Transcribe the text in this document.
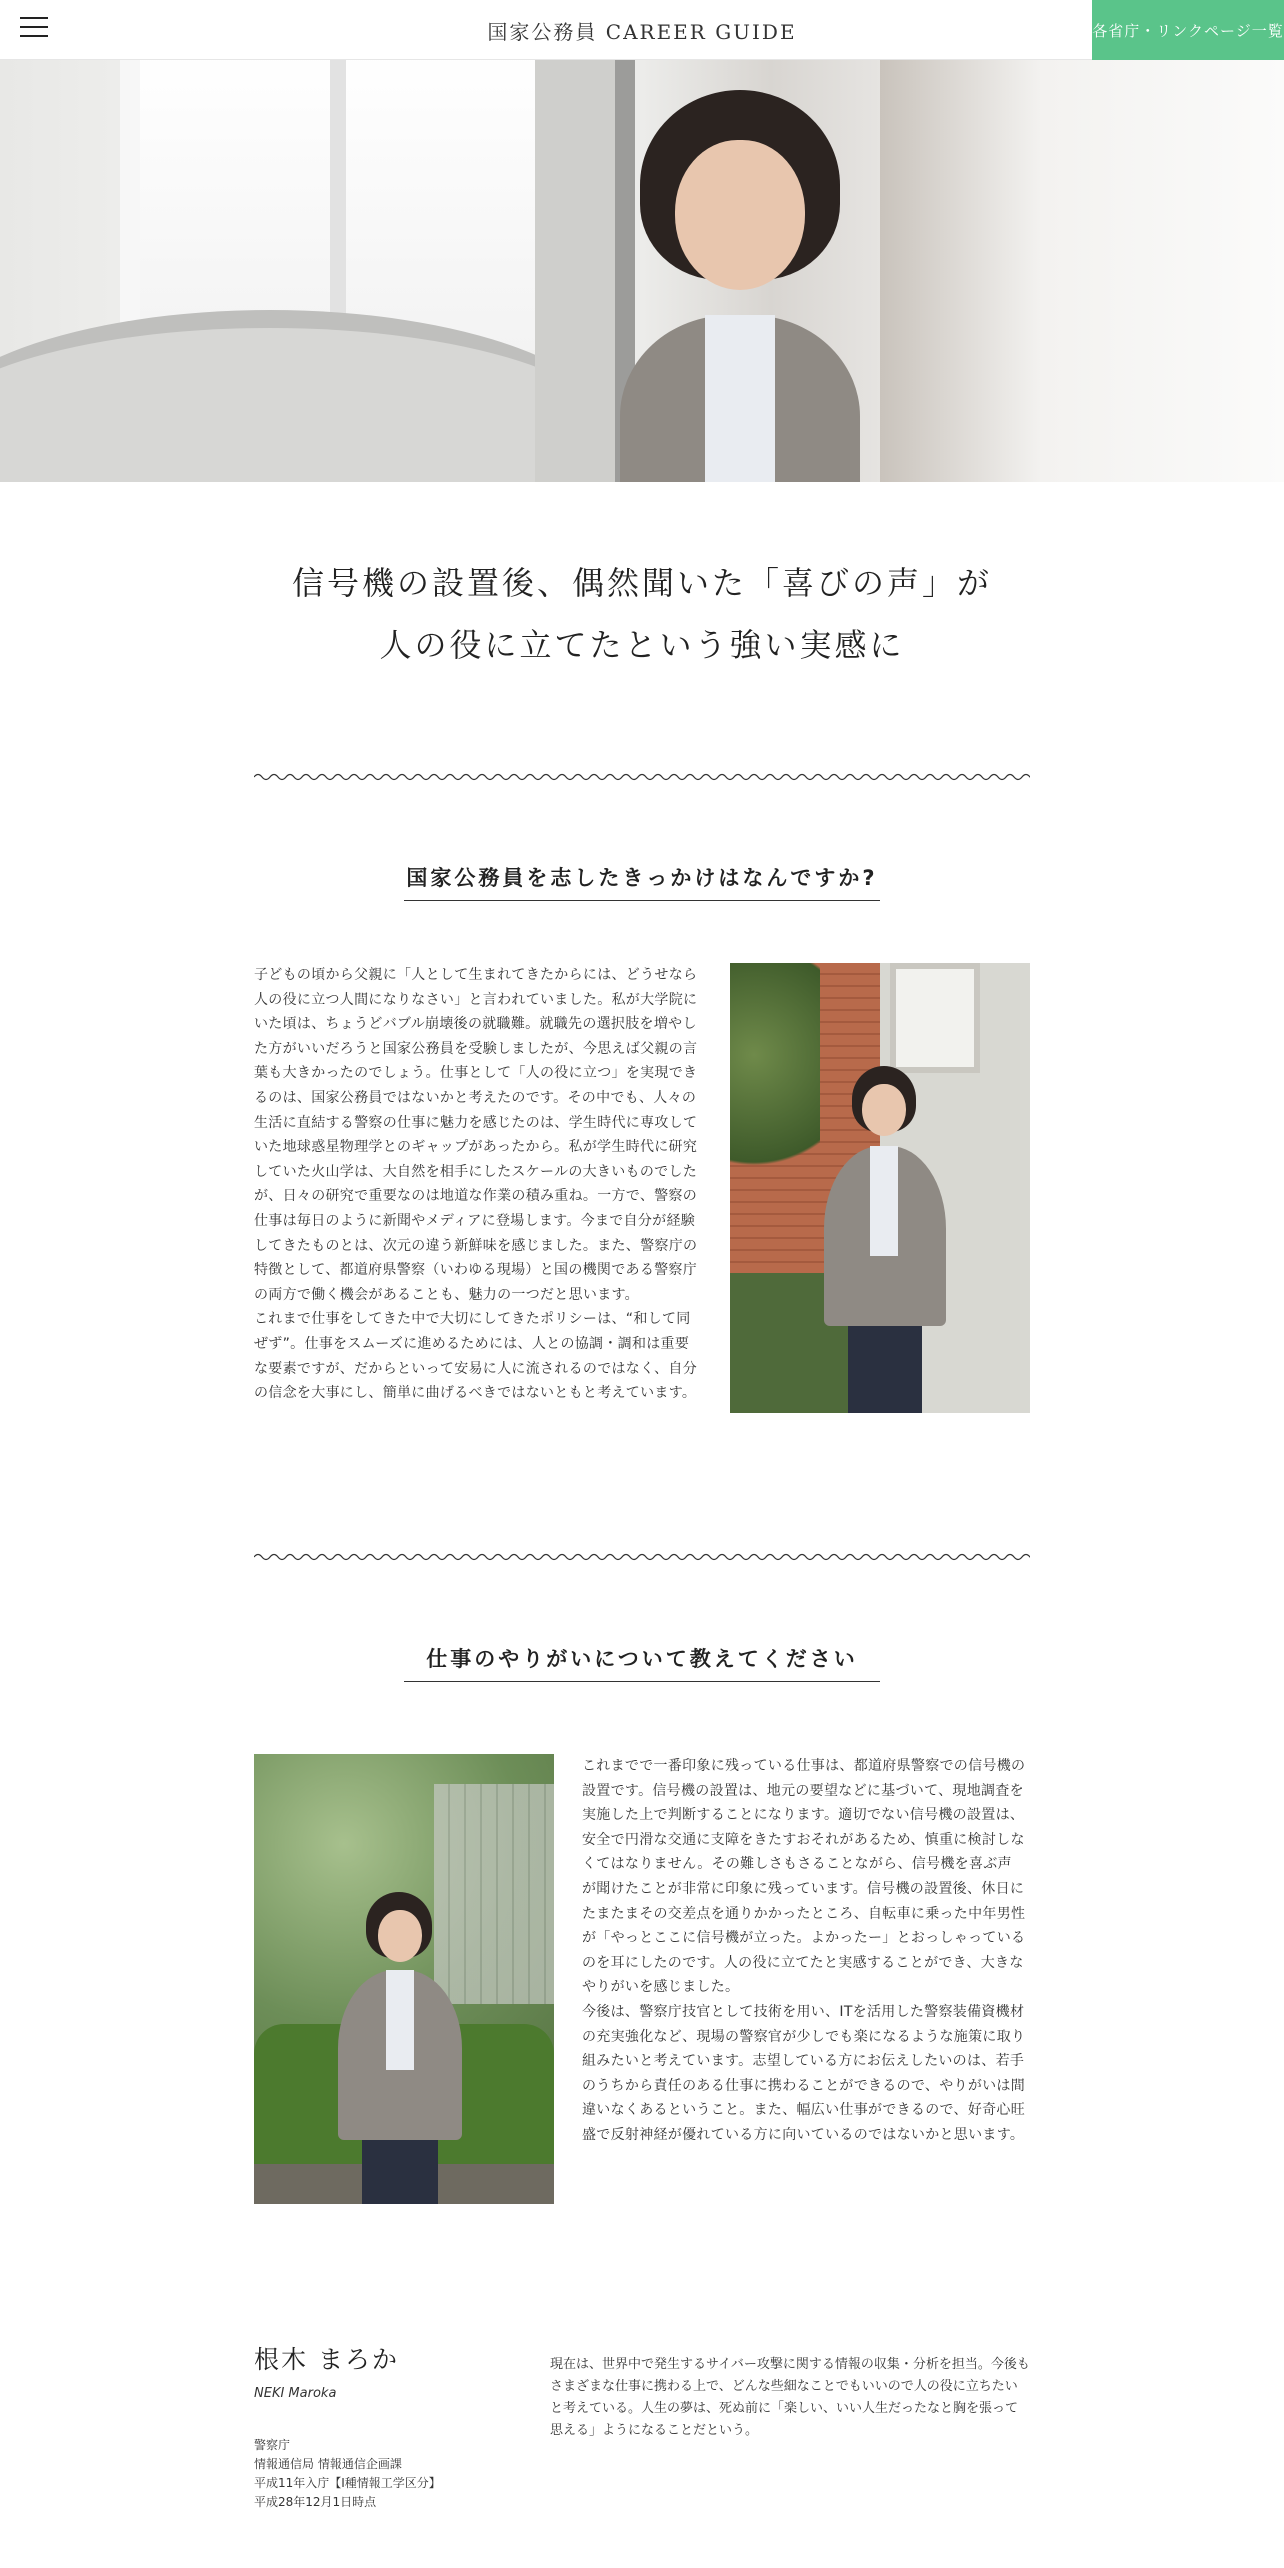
国家公務員 CAREER GUIDE	各省庁・リンクページ一覧
信号機の設置後、偶然聞いた「喜びの声」が
人の役に立てたという強い実感に
国家公務員を志したきっかけはなんですか?

子どもの頃から父親に「人として生まれてきたからには、どうせなら人の役に立つ人間になりなさい」と言われていました。私が大学院にいた頃は、ちょうどバブル崩壊後の就職難。就職先の選択肢を増やした方がいいだろうと国家公務員を受験しましたが、今思えば父親の言葉も大きかったのでしょう。仕事として「人の役に立つ」を実現できるのは、国家公務員ではないかと考えたのです。その中でも、人々の生活に直結する警察の仕事に魅力を感じたのは、学生時代に専攻していた地球惑星物理学とのギャップがあったから。私が学生時代に研究していた火山学は、大自然を相手にしたスケールの大きいものでしたが、日々の研究で重要なのは地道な作業の積み重ね。一方で、警察の仕事は毎日のように新聞やメディアに登場します。今まで自分が経験してきたものとは、次元の違う新鮮味を感じました。また、警察庁の特徴として、都道府県警察（いわゆる現場）と国の機関である警察庁の両方で働く機会があることも、魅力の一つだと思います。

これまで仕事をしてきた中で大切にしてきたポリシーは、“和して同ぜず”。仕事をスムーズに進めるためには、人との協調・調和は重要な要素ですが、だからといって安易に人に流されるのではなく、自分の信念を大事にし、簡単に曲げるべきではないともと考えています。

仕事のやりがいについて教えてください

これまでで一番印象に残っている仕事は、都道府県警察での信号機の設置です。信号機の設置は、地元の要望などに基づいて、現地調査を実施した上で判断することになります。適切でない信号機の設置は、安全で円滑な交通に支障をきたすおそれがあるため、慎重に検討しなくてはなりません。その難しさもさることながら、信号機を喜ぶ声が聞けたことが非常に印象に残っています。信号機の設置後、休日にたまたまその交差点を通りかかったところ、自転車に乗った中年男性が「やっとここに信号機が立った。よかったー」とおっしゃっているのを耳にしたのです。人の役に立てたと実感することができ、大きなやりがいを感じました。

今後は、警察庁技官として技術を用い、ITを活用した警察装備資機材の充実強化など、現場の警察官が少しでも楽になるような施策に取り組みたいと考えています。志望している方にお伝えしたいのは、若手のうちから責任のある仕事に携わることができるので、やりがいは間違いなくあるということ。また、幅広い仕事ができるので、好奇心旺盛で反射神経が優れている方に向いているのではないかと思います。

根木 まろか
NEKI Maroka
警察庁
情報通信局 情報通信企画課
平成11年入庁【Ⅰ種情報工学区分】
平成28年12月1日時点
現在は、世界中で発生するサイバー攻撃に関する情報の収集・分析を担当。今後もさまざまな仕事に携わる上で、どんな些細なことでもいいので人の役に立ちたいと考えている。人生の夢は、死ぬ前に「楽しい、いい人生だったなと胸を張って思える」ようになることだという。
